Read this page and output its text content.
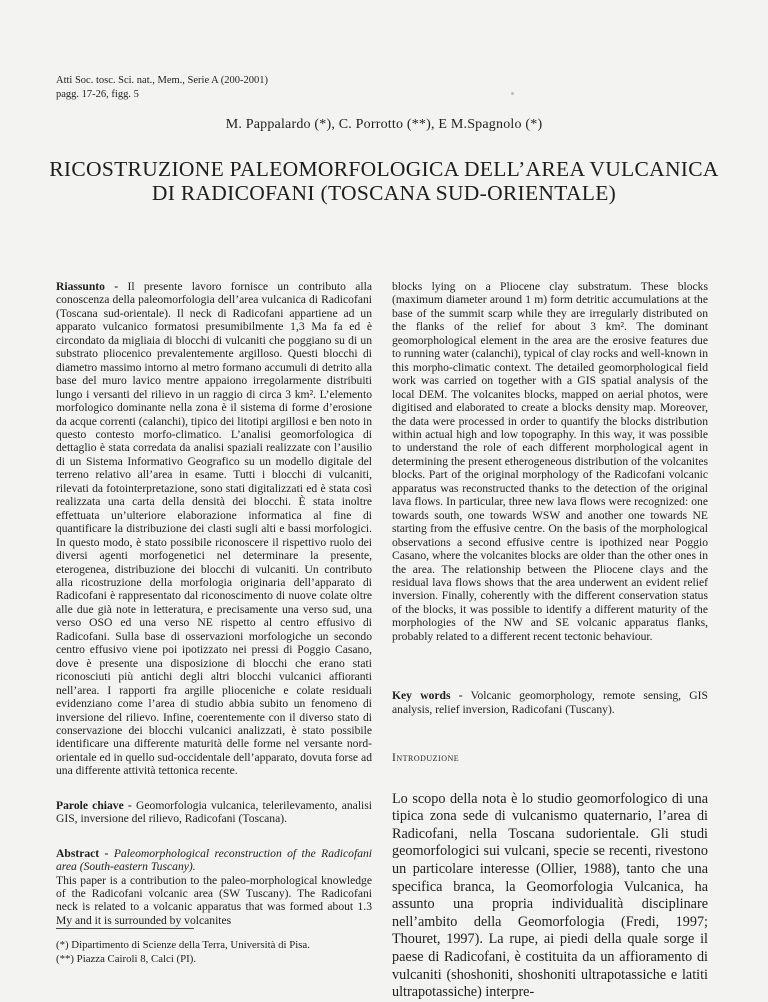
Atti Soc. tosc. Sci. nat., Mem., Serie A (200-2001)
pagg. 17-26, figg. 5
M. Pappalardo (*), C. Porrotto (**), E M.Spagnolo (*)
RICOSTRUZIONE PALEOMORFOLOGICA DELL’AREA VULCANICA
DI RADICOFANI (TOSCANA SUD-ORIENTALE)

Riassunto - Il presente lavoro fornisce un contributo alla conoscenza della paleomorfologia dell’area vulcanica di Radicofani (Toscana sud-orientale). Il neck di Radicofani appartiene ad un apparato vulcanico formatosi presumibilmente 1,3 Ma fa ed è circondato da migliaia di blocchi di vulcaniti che poggiano su di un substrato pliocenico prevalentemente argilloso. Questi blocchi di diametro massimo intorno al metro formano accumuli di detrito alla base del muro lavico mentre appaiono irregolarmente distribuiti lungo i versanti del rilievo in un raggio di circa 3 km². L’elemento morfologico dominante nella zona è il sistema di forme d’erosione da acque correnti (calanchi), tipico dei litotipi argillosi e ben noto in questo contesto morfo-climatico. L’analisi geomorfologica di dettaglio è stata corredata da analisi spaziali realizzate con l’ausilio di un Sistema Informativo Geografico su un modello digitale del terreno relativo all’area in esame. Tutti i blocchi di vulcaniti, rilevati da fotointerpretazione, sono stati digitalizzati ed è stata così realizzata una carta della densità dei blocchi. È stata inoltre effettuata un’ulteriore elaborazione informatica al fine di quantificare la distribuzione dei clasti sugli alti e bassi morfologici. In questo modo, è stato possibile riconoscere il rispettivo ruolo dei diversi agenti morfogenetici nel determinare la presente, eterogenea, distribuzione dei blocchi di vulcaniti. Un contributo alla ricostruzione della morfologia originaria dell’apparato di Radicofani è rappresentato dal riconoscimento di nuove colate oltre alle due già note in letteratura, e precisamente una verso sud, una verso OSO ed una verso NE rispetto al centro effusivo di Radicofani. Sulla base di osservazioni morfologiche un secondo centro effusivo viene poi ipotizzato nei pressi di Poggio Casano, dove è presente una disposizione di blocchi che erano stati riconosciuti più antichi degli altri blocchi vulcanici affioranti nell’area. I rapporti fra argille plioceniche e colate residuali evidenziano come l’area di studio abbia subito un fenomeno di inversione del rilievo. Infine, coerentemente con il diverso stato di conservazione dei blocchi vulcanici analizzati, è stato possibile identificare una differente maturità delle forme nel versante nord-orientale ed in quello sud-occidentale dell’apparato, dovuta forse ad una differente attività tettonica recente.

Parole chiave - Geomorfologia vulcanica, telerilevamento, analisi GIS, inversione del rilievo, Radicofani (Toscana).

Abstract - Paleomorphological reconstruction of the Radicofani area (South-eastern Tuscany).

This paper is a contribution to the paleo-morphological knowledge of the Radicofani volcanic area (SW Tuscany). The Radicofani neck is related to a volcanic apparatus that was formed about 1.3 My and it is surrounded by volcanites

blocks lying on a Pliocene clay substratum. These blocks (maximum diameter around 1 m) form detritic accumulations at the base of the summit scarp while they are irregularly distributed on the flanks of the relief for about 3 km². The dominant geomorphological element in the area are the erosive features due to running water (calanchi), typical of clay rocks and well-known in this morpho-climatic context. The detailed geomorphological field work was carried on together with a GIS spatial analysis of the local DEM. The volcanites blocks, mapped on aerial photos, were digitised and elaborated to create a blocks density map. Moreover, the data were processed in order to quantify the blocks distribution within actual high and low topography. In this way, it was possible to understand the role of each different morphological agent in determining the present etherogeneous distribution of the volcanites blocks. Part of the original morphology of the Radicofani volcanic apparatus was reconstructed thanks to the detection of the original lava flows. In particular, three new lava flows were recognized: one towards south, one towards WSW and another one towards NE starting from the effusive centre. On the basis of the morphological observations a second effusive centre is ipothized near Poggio Casano, where the volcanites blocks are older than the other ones in the area. The relationship between the Pliocene clays and the residual lava flows shows that the area underwent an evident relief inversion. Finally, coherently with the different conservation status of the blocks, it was possible to identify a different maturity of the morphologies of the NW and SE volcanic apparatus flanks, probably related to a different recent tectonic behaviour.

Key words - Volcanic geomorphology, remote sensing, GIS analysis, relief inversion, Radicofani (Tuscany).

Introduzione

Lo scopo della nota è lo studio geomorfologico di una tipica zona sede di vulcanismo quaternario, l’area di Radicofani, nella Toscana sudorientale. Gli studi geomorfologici sui vulcani, specie se recenti, rivestono un particolare interesse (Ollier, 1988), tanto che una specifica branca, la Geomorfologia Vulcanica, ha assunto una propria individualità disciplinare nell’ambito della Geomorfologia (Fredi, 1997; Thouret, 1997). La rupe, ai piedi della quale sorge il paese di Radicofani, è costituita da un affioramento di vulcaniti (shoshoniti, shoshoniti ultrapotassiche e latiti ultrapotassiche) interpre-

(*) Dipartimento di Scienze della Terra, Università di Pisa.
(**) Piazza Cairoli 8, Calci (PI).
